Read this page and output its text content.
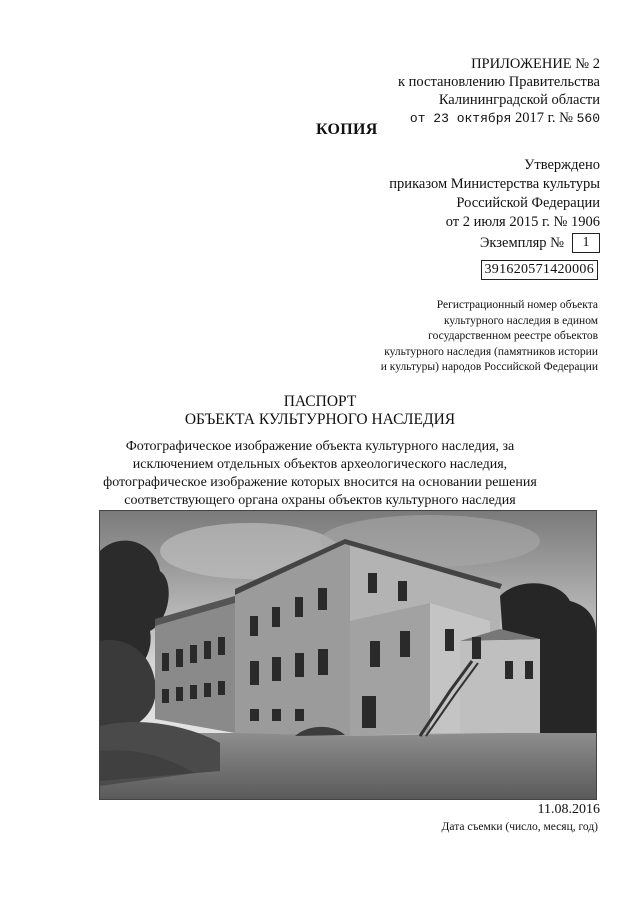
ПРИЛОЖЕНИЕ № 2
к постановлению Правительства
Калининградской области
от 23 октября 2017 г. № 560
КОПИЯ
Утверждено
приказом Министерства культуры
Российской Федерации
от 2 июля 2015 г. № 1906
Экземпляр №	1
391620571420006
Регистрационный номер объекта
культурного наследия в едином
государственном реестре объектов
культурного наследия (памятников истории
и культуры) народов Российской Федерации
ПАСПОРТ
ОБЪЕКТА КУЛЬТУРНОГО НАСЛЕДИЯ
Фотографическое изображение объекта культурного наследия, за
исключением отдельных объектов археологического наследия,
фотографическое изображение которых вносится на основании решения
соответствующего органа охраны объектов культурного наследия
11.08.2016
Дата съемки (число, месяц, год)
